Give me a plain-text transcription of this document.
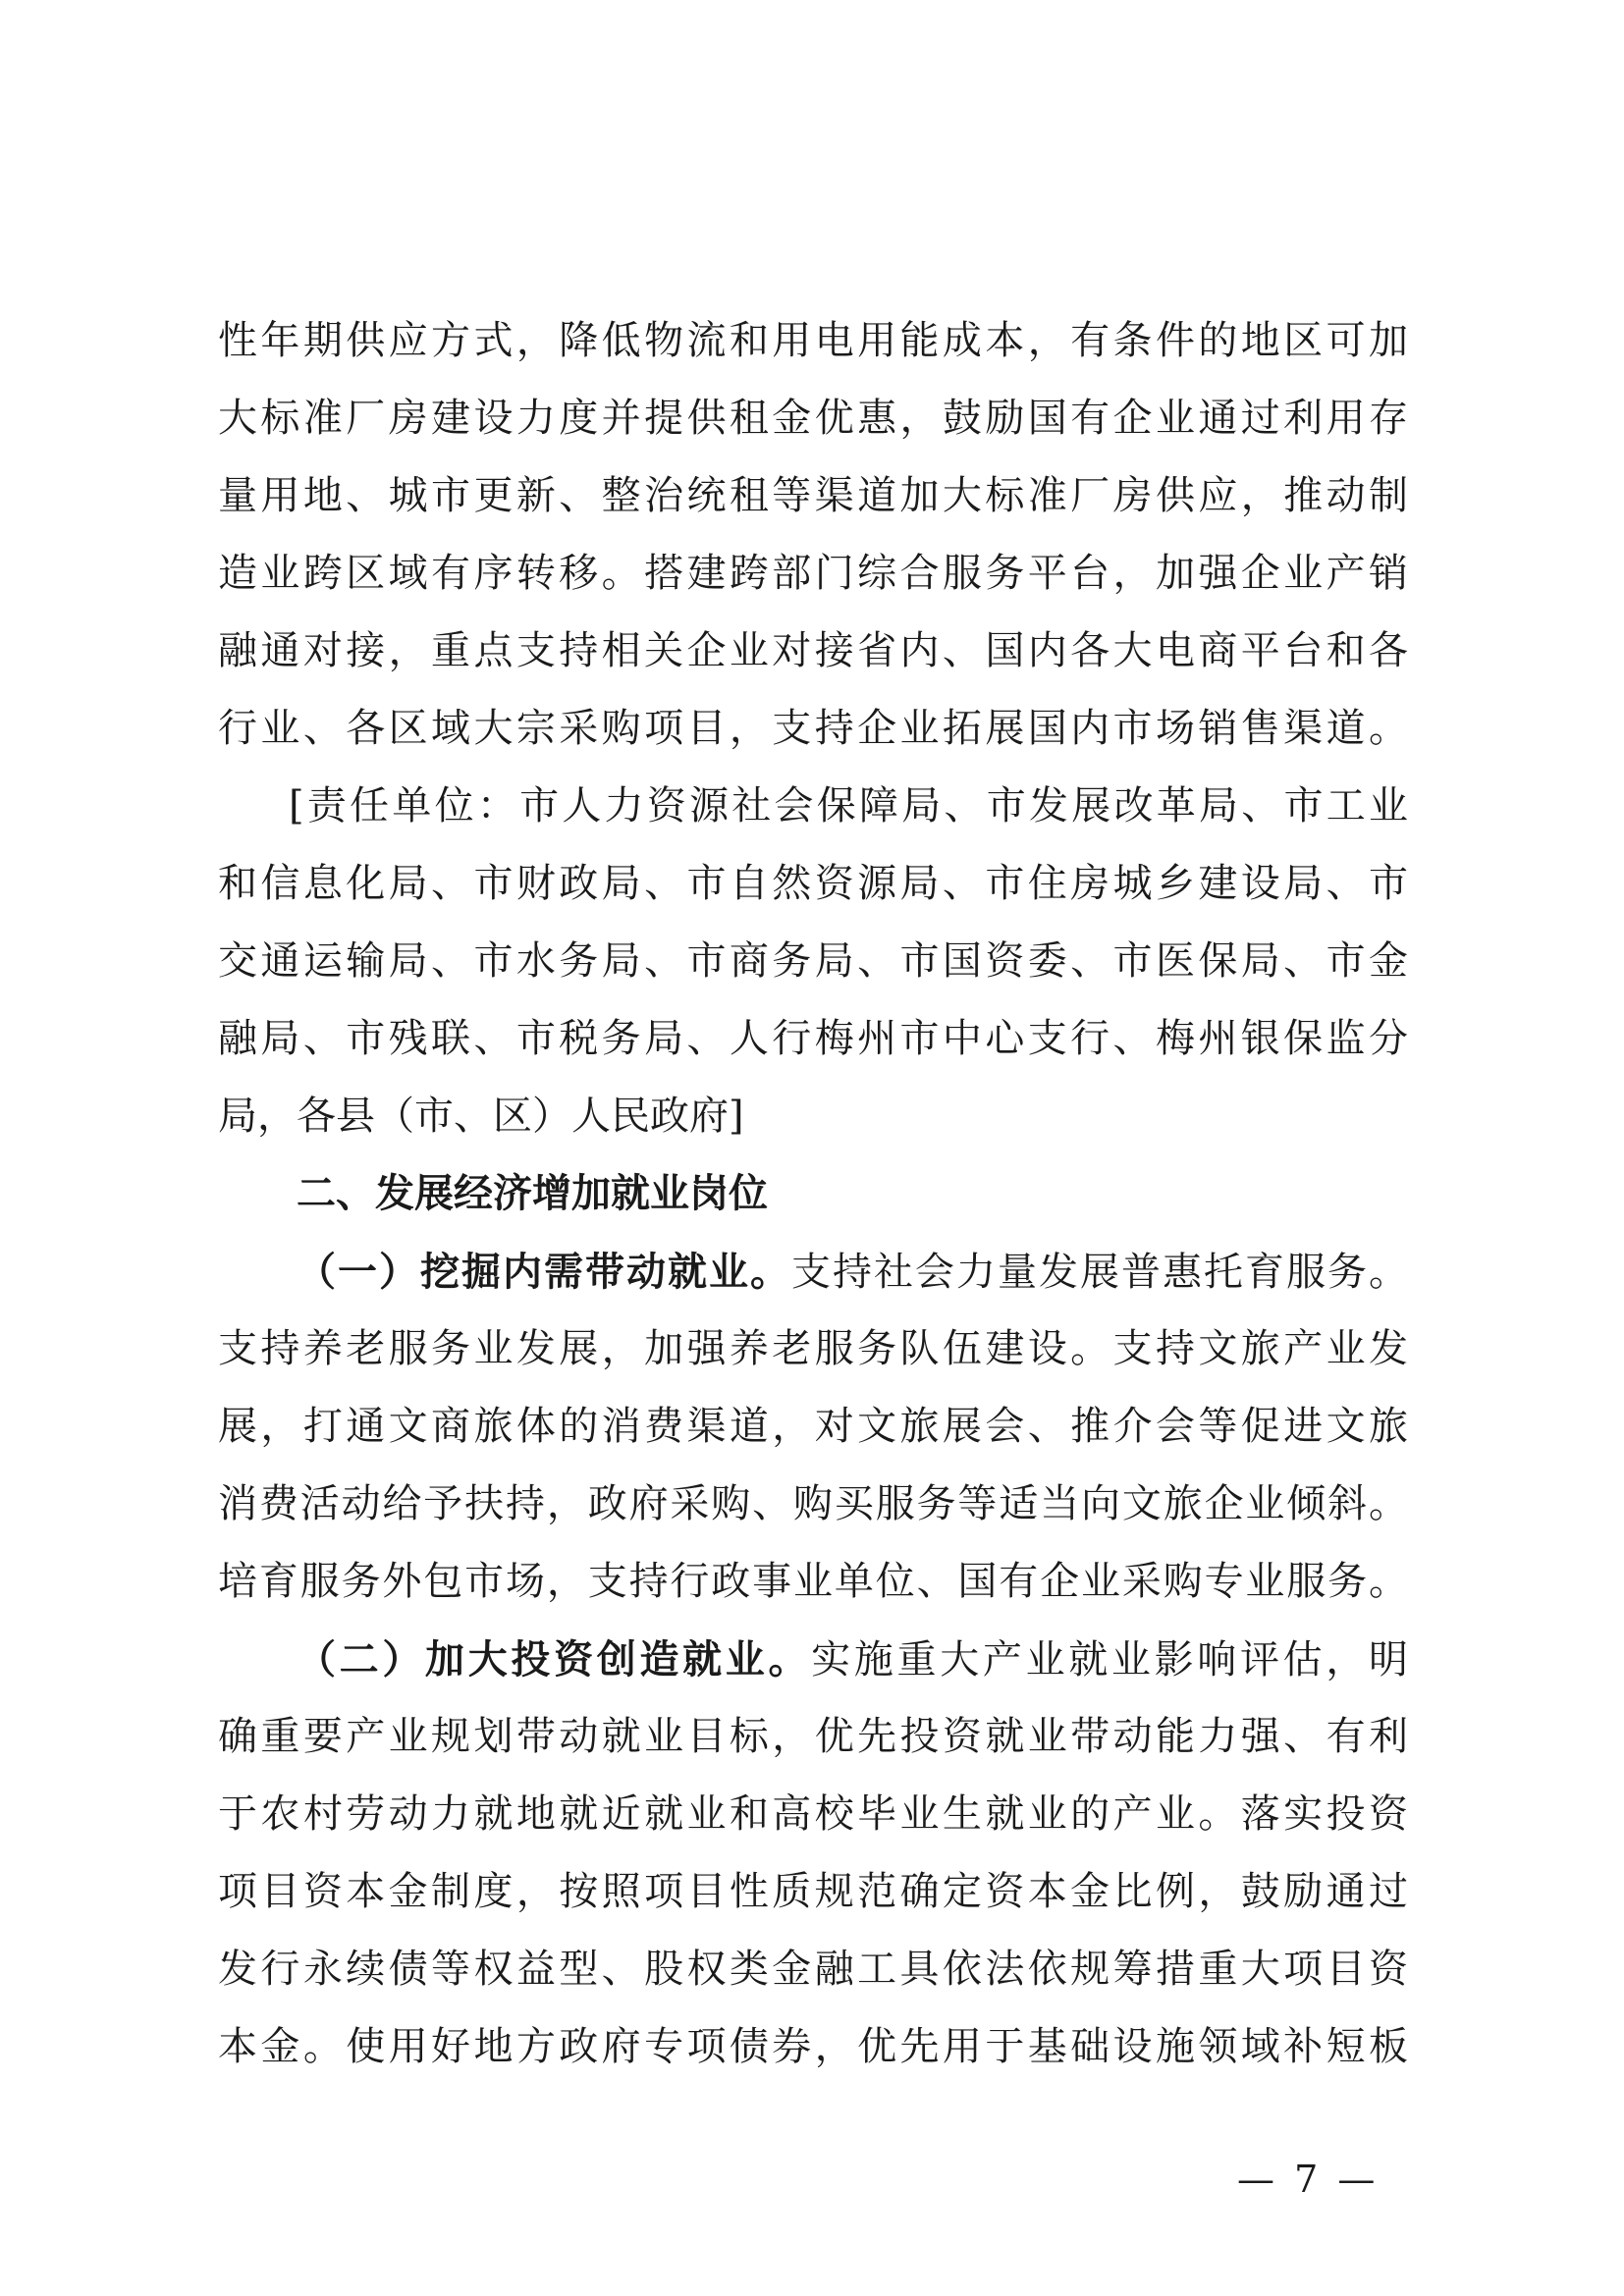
性年期供应方式，降低物流和用电用能成本，有条件的地区可加
大标准厂房建设力度并提供租金优惠，鼓励国有企业通过利用存
量用地、城市更新、整治统租等渠道加大标准厂房供应，推动制
造业跨区域有序转移。搭建跨部门综合服务平台，加强企业产销
融通对接，重点支持相关企业对接省内、国内各大电商平台和各
行业、各区域大宗采购项目，支持企业拓展国内市场销售渠道。
[责任单位：市人力资源社会保障局、市发展改革局、市工业
和信息化局、市财政局、市自然资源局、市住房城乡建设局、市
交通运输局、市水务局、市商务局、市国资委、市医保局、市金
融局、市残联、市税务局、人行梅州市中心支行、梅州银保监分
局，各县（市、区）人民政府]
二、发展经济增加就业岗位
（一）挖掘内需带动就业。支持社会力量发展普惠托育服务。
支持养老服务业发展，加强养老服务队伍建设。支持文旅产业发
展，打通文商旅体的消费渠道，对文旅展会、推介会等促进文旅
消费活动给予扶持，政府采购、购买服务等适当向文旅企业倾斜。
培育服务外包市场，支持行政事业单位、国有企业采购专业服务。
（二）加大投资创造就业。实施重大产业就业影响评估，明
确重要产业规划带动就业目标，优先投资就业带动能力强、有利
于农村劳动力就地就近就业和高校毕业生就业的产业。落实投资
项目资本金制度，按照项目性质规范确定资本金比例，鼓励通过
发行永续债等权益型、股权类金融工具依法依规筹措重大项目资
本金。使用好地方政府专项债券，优先用于基础设施领域补短板
— 7 —
